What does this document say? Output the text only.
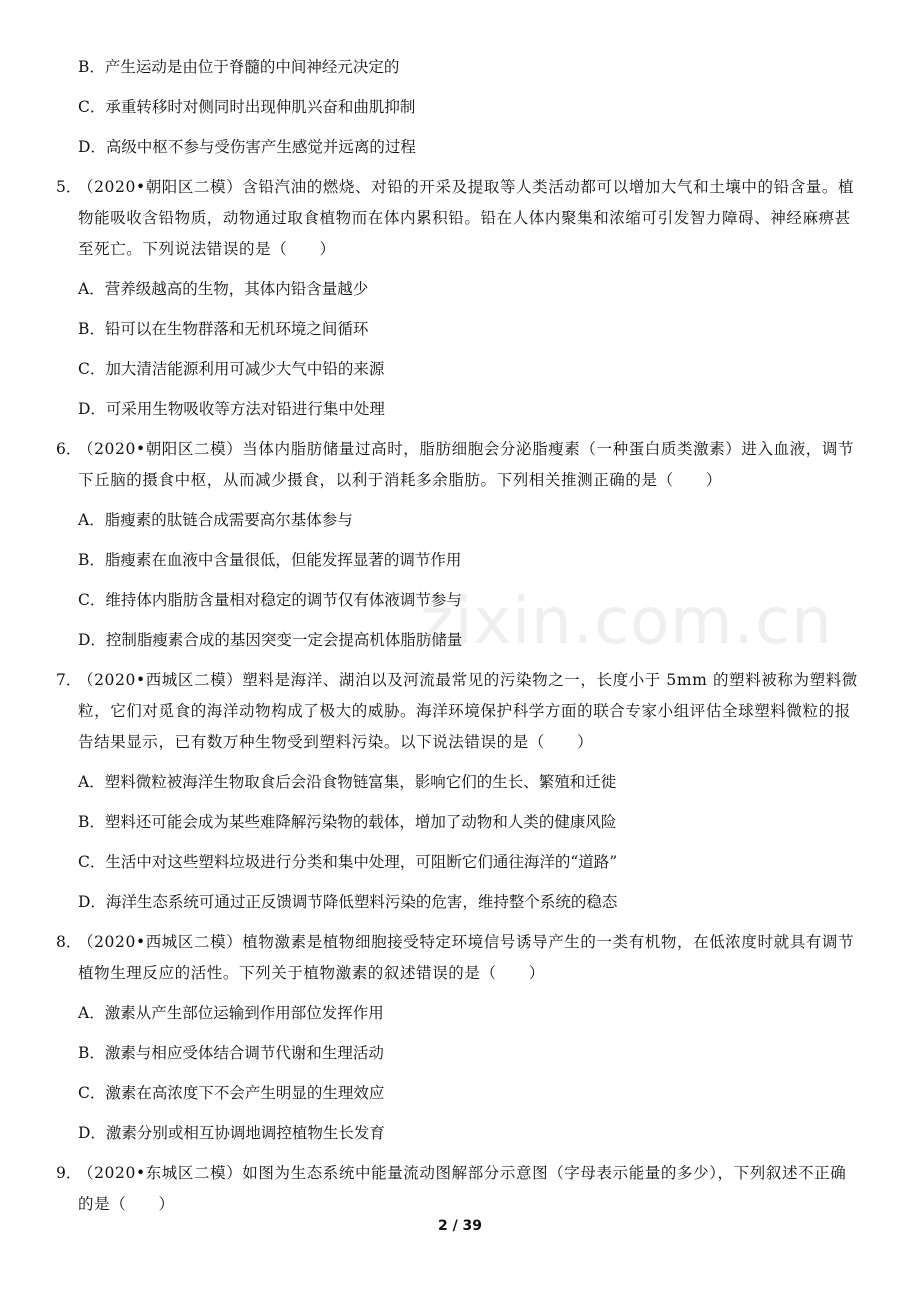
B．产生运动是由位于脊髓的中间神经元决定的
C．承重转移时对侧同时出现伸肌兴奋和曲肌抑制
D．高级中枢不参与受伤害产生感觉并远离的过程
5．
（2020•朝阳区二模）含铅汽油的燃烧、对铅的开采及提取等人类活动都可以增加大气和土壤中的铅含量。植
物能吸收含铅物质，动物通过取食植物而在体内累积铅。铅在人体内聚集和浓缩可引发智力障碍、神经麻痹甚
至死亡。下列说法错误的是（　　）
A．营养级越高的生物，其体内铅含量越少
B．铅可以在生物群落和无机环境之间循环
C．加大清洁能源利用可减少大气中铅的来源
D．可采用生物吸收等方法对铅进行集中处理
6．
（2020•朝阳区二模）当体内脂肪储量过高时，脂肪细胞会分泌脂瘦素（一种蛋白质类激素）进入血液，调节
下丘脑的摄食中枢，从而减少摄食，以利于消耗多余脂肪。下列相关推测正确的是（　　）
A．脂瘦素的肽链合成需要高尔基体参与
B．脂瘦素在血液中含量很低，但能发挥显著的调节作用
C．维持体内脂肪含量相对稳定的调节仅有体液调节参与
D．控制脂瘦素合成的基因突变一定会提高机体脂肪储量
7．
（2020•西城区二模）塑料是海洋、湖泊以及河流最常见的污染物之一，长度小于 5mm 的塑料被称为塑料微
粒，它们对觅食的海洋动物构成了极大的威胁。海洋环境保护科学方面的联合专家小组评估全球塑料微粒的报
告结果显示，已有数万种生物受到塑料污染。以下说法错误的是（　　）
A．塑料微粒被海洋生物取食后会沿食物链富集，影响它们的生长、繁殖和迁徙
B．塑料还可能会成为某些难降解污染物的载体，增加了动物和人类的健康风险
C．生活中对这些塑料垃圾进行分类和集中处理，可阻断它们通往海洋的“道路”
D．海洋生态系统可通过正反馈调节降低塑料污染的危害，维持整个系统的稳态
8．
（2020•西城区二模）植物激素是植物细胞接受特定环境信号诱导产生的一类有机物，在低浓度时就具有调节
植物生理反应的活性。下列关于植物激素的叙述错误的是（　　）
A．激素从产生部位运输到作用部位发挥作用
B．激素与相应受体结合调节代谢和生理活动
C．激素在高浓度下不会产生明显的生理效应
D．激素分别或相互协调地调控植物生长发育
9．
（2020•东城区二模）如图为生态系统中能量流动图解部分示意图（字母表示能量的多少），下列叙述不正确
的是（　　）
zixin.com.cn
2 / 39
